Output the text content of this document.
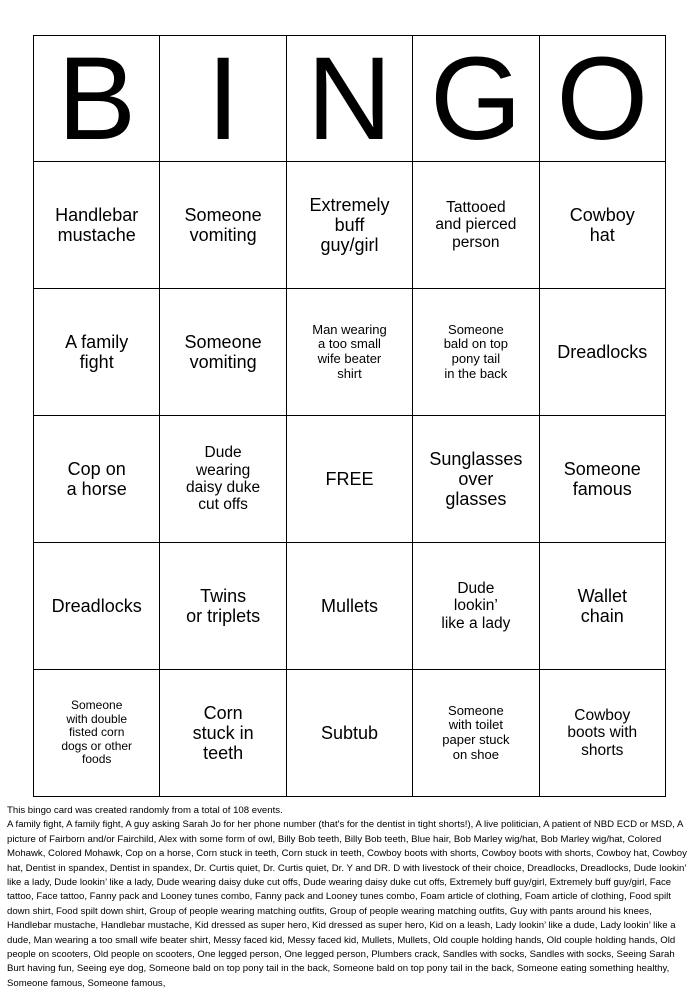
B	I	N	G	O

Handlebar
mustache	Someone
vomiting	Extremely
buff
guy/girl	Tattooed
and pierced
person	Cowboy
hat

A family
fight	Someone
vomiting	Man wearing
a too small
wife beater
shirt	Someone
bald on top
pony tail
in the back	Dreadlocks

Cop on
a horse	Dude
wearing
daisy duke
cut offs	FREE	Sunglasses
over
glasses	Someone
famous

Dreadlocks	Twins
or triplets	Mullets	Dude
lookin’
like a lady	Wallet
chain

Someone
with double
fisted corn
dogs or other
foods	Corn
stuck in
teeth	Subtub	Someone
with toilet
paper stuck
on shoe	Cowboy
boots with
shorts

This bingo card was created randomly from a total of 108 events.

A family fight, A family fight, A guy asking Sarah Jo for her phone number (that's for the dentist in tight shorts!), A live politician, A patient of NBD ECD or MSD, A picture of Fairborn and/or Fairchild, Alex with some form of owl, Billy Bob teeth, Billy Bob teeth, Blue hair, Bob Marley wig/hat, Bob Marley wig/hat, Colored Mohawk, Colored Mohawk, Cop on a horse, Corn stuck in teeth, Corn stuck in teeth, Cowboy boots with shorts, Cowboy boots with shorts, Cowboy hat, Cowboy hat, Dentist in spandex, Dentist in spandex, Dr. Curtis quiet, Dr. Curtis quiet, Dr. Y and DR. D with livestock of their choice, Dreadlocks, Dreadlocks, Dude lookin’ like a lady, Dude lookin’ like a lady, Dude wearing daisy duke cut offs, Dude wearing daisy duke cut offs, Extremely buff guy/girl, Extremely buff guy/girl, Face tattoo, Face tattoo, Fanny pack and Looney tunes combo, Fanny pack and Looney tunes combo, Foam article of clothing, Foam article of clothing, Food spilt down shirt, Food spilt down shirt, Group of people wearing matching outfits, Group of people wearing matching outfits, Guy with pants around his knees, Handlebar mustache, Handlebar mustache, Kid dressed as super hero, Kid dressed as super hero, Kid on a leash, Lady lookin’ like a dude, Lady lookin’ like a dude, Man wearing a too small wife beater shirt, Messy faced kid, Messy faced kid, Mullets, Mullets, Old couple holding hands, Old couple holding hands, Old people on scooters, Old people on scooters, One legged person, One legged person, Plumbers crack, Sandles with socks, Sandles with socks, Seeing Sarah Burt having fun, Seeing eye dog, Someone bald on top pony tail in the back, Someone bald on top pony tail in the back, Someone eating something healthy, Someone famous, Someone famous,
